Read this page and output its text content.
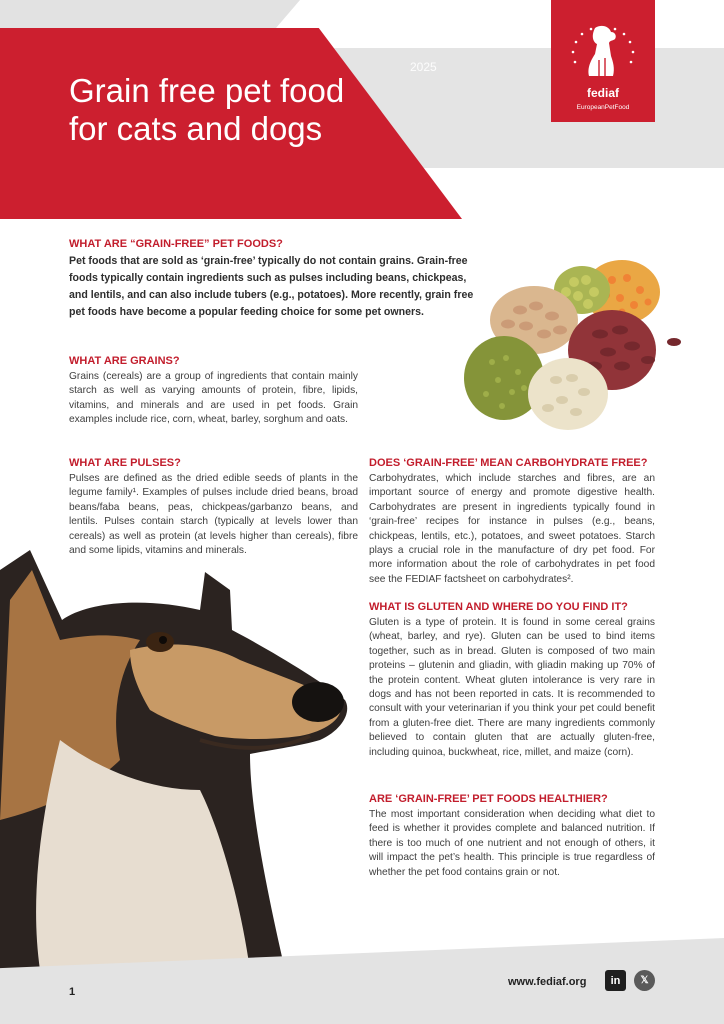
Grain free pet food for cats and dogs
2025
fediaf
EuropeanPetFood
WHAT ARE “GRAIN-FREE” PET FOODS?

Pet foods that are sold as ‘grain-free’ typically do not contain grains. Grain-free foods typically contain ingredients such as pulses including beans, chickpeas, and lentils, and can also include tubers (e.g., potatoes). More recently, grain free pet foods have become a popular feeding choice for some pet owners.

WHAT ARE GRAINS?

Grains (cereals) are a group of ingredients that contain mainly starch as well as varying amounts of protein, fibre, lipids, vitamins, and minerals and are used in pet foods. Grain examples include rice, corn, wheat, barley, sorghum and oats.

WHAT ARE PULSES?

Pulses are defined as the dried edible seeds of plants in the legume family¹. Examples of pulses include dried beans, broad beans/faba beans, peas, chickpeas/garbanzo beans, and lentils. Pulses contain starch (typically at levels lower than cereals) as well as protein (at levels higher than cereals), fibre and some lipids, vitamins and minerals.

DOES ‘GRAIN-FREE’ MEAN CARBOHYDRATE FREE?

Carbohydrates, which include starches and fibres, are an important source of energy and promote digestive health. Carbohydrates are present in ingredients typically found in ‘grain-free’ recipes for instance in pulses (e.g., beans, chickpeas, lentils, etc.), potatoes, and sweet potatoes. Starch plays a crucial role in the manufacture of dry pet food. For more information about the role of carbohydrates in pet food see the FEDIAF factsheet on carbohydrates².

WHAT IS GLUTEN AND WHERE DO YOU FIND IT?

Gluten is a type of protein. It is found in some cereal grains (wheat, barley, and rye). Gluten can be used to bind items together, such as in bread. Gluten is composed of two main proteins – glutenin and gliadin, with gliadin making up 70% of the protein content. Wheat gluten intolerance is very rare in dogs and has not been reported in cats. It is recommended to consult with your veterinarian if you think your pet could benefit from a gluten-free diet. There are many ingredients commonly believed to contain gluten that are actually gluten-free, including quinoa, buckwheat, rice, millet, and maize (corn).

ARE ‘GRAIN-FREE’ PET FOODS HEALTHIER?

The most important consideration when deciding what diet to feed is whether it provides complete and balanced nutrition. If there is too much of one nutrient and not enough of others, it will impact the pet’s health. This principle is true regardless of whether the pet food contains grain or not.

1
www.fediaf.org	in	𝕏
